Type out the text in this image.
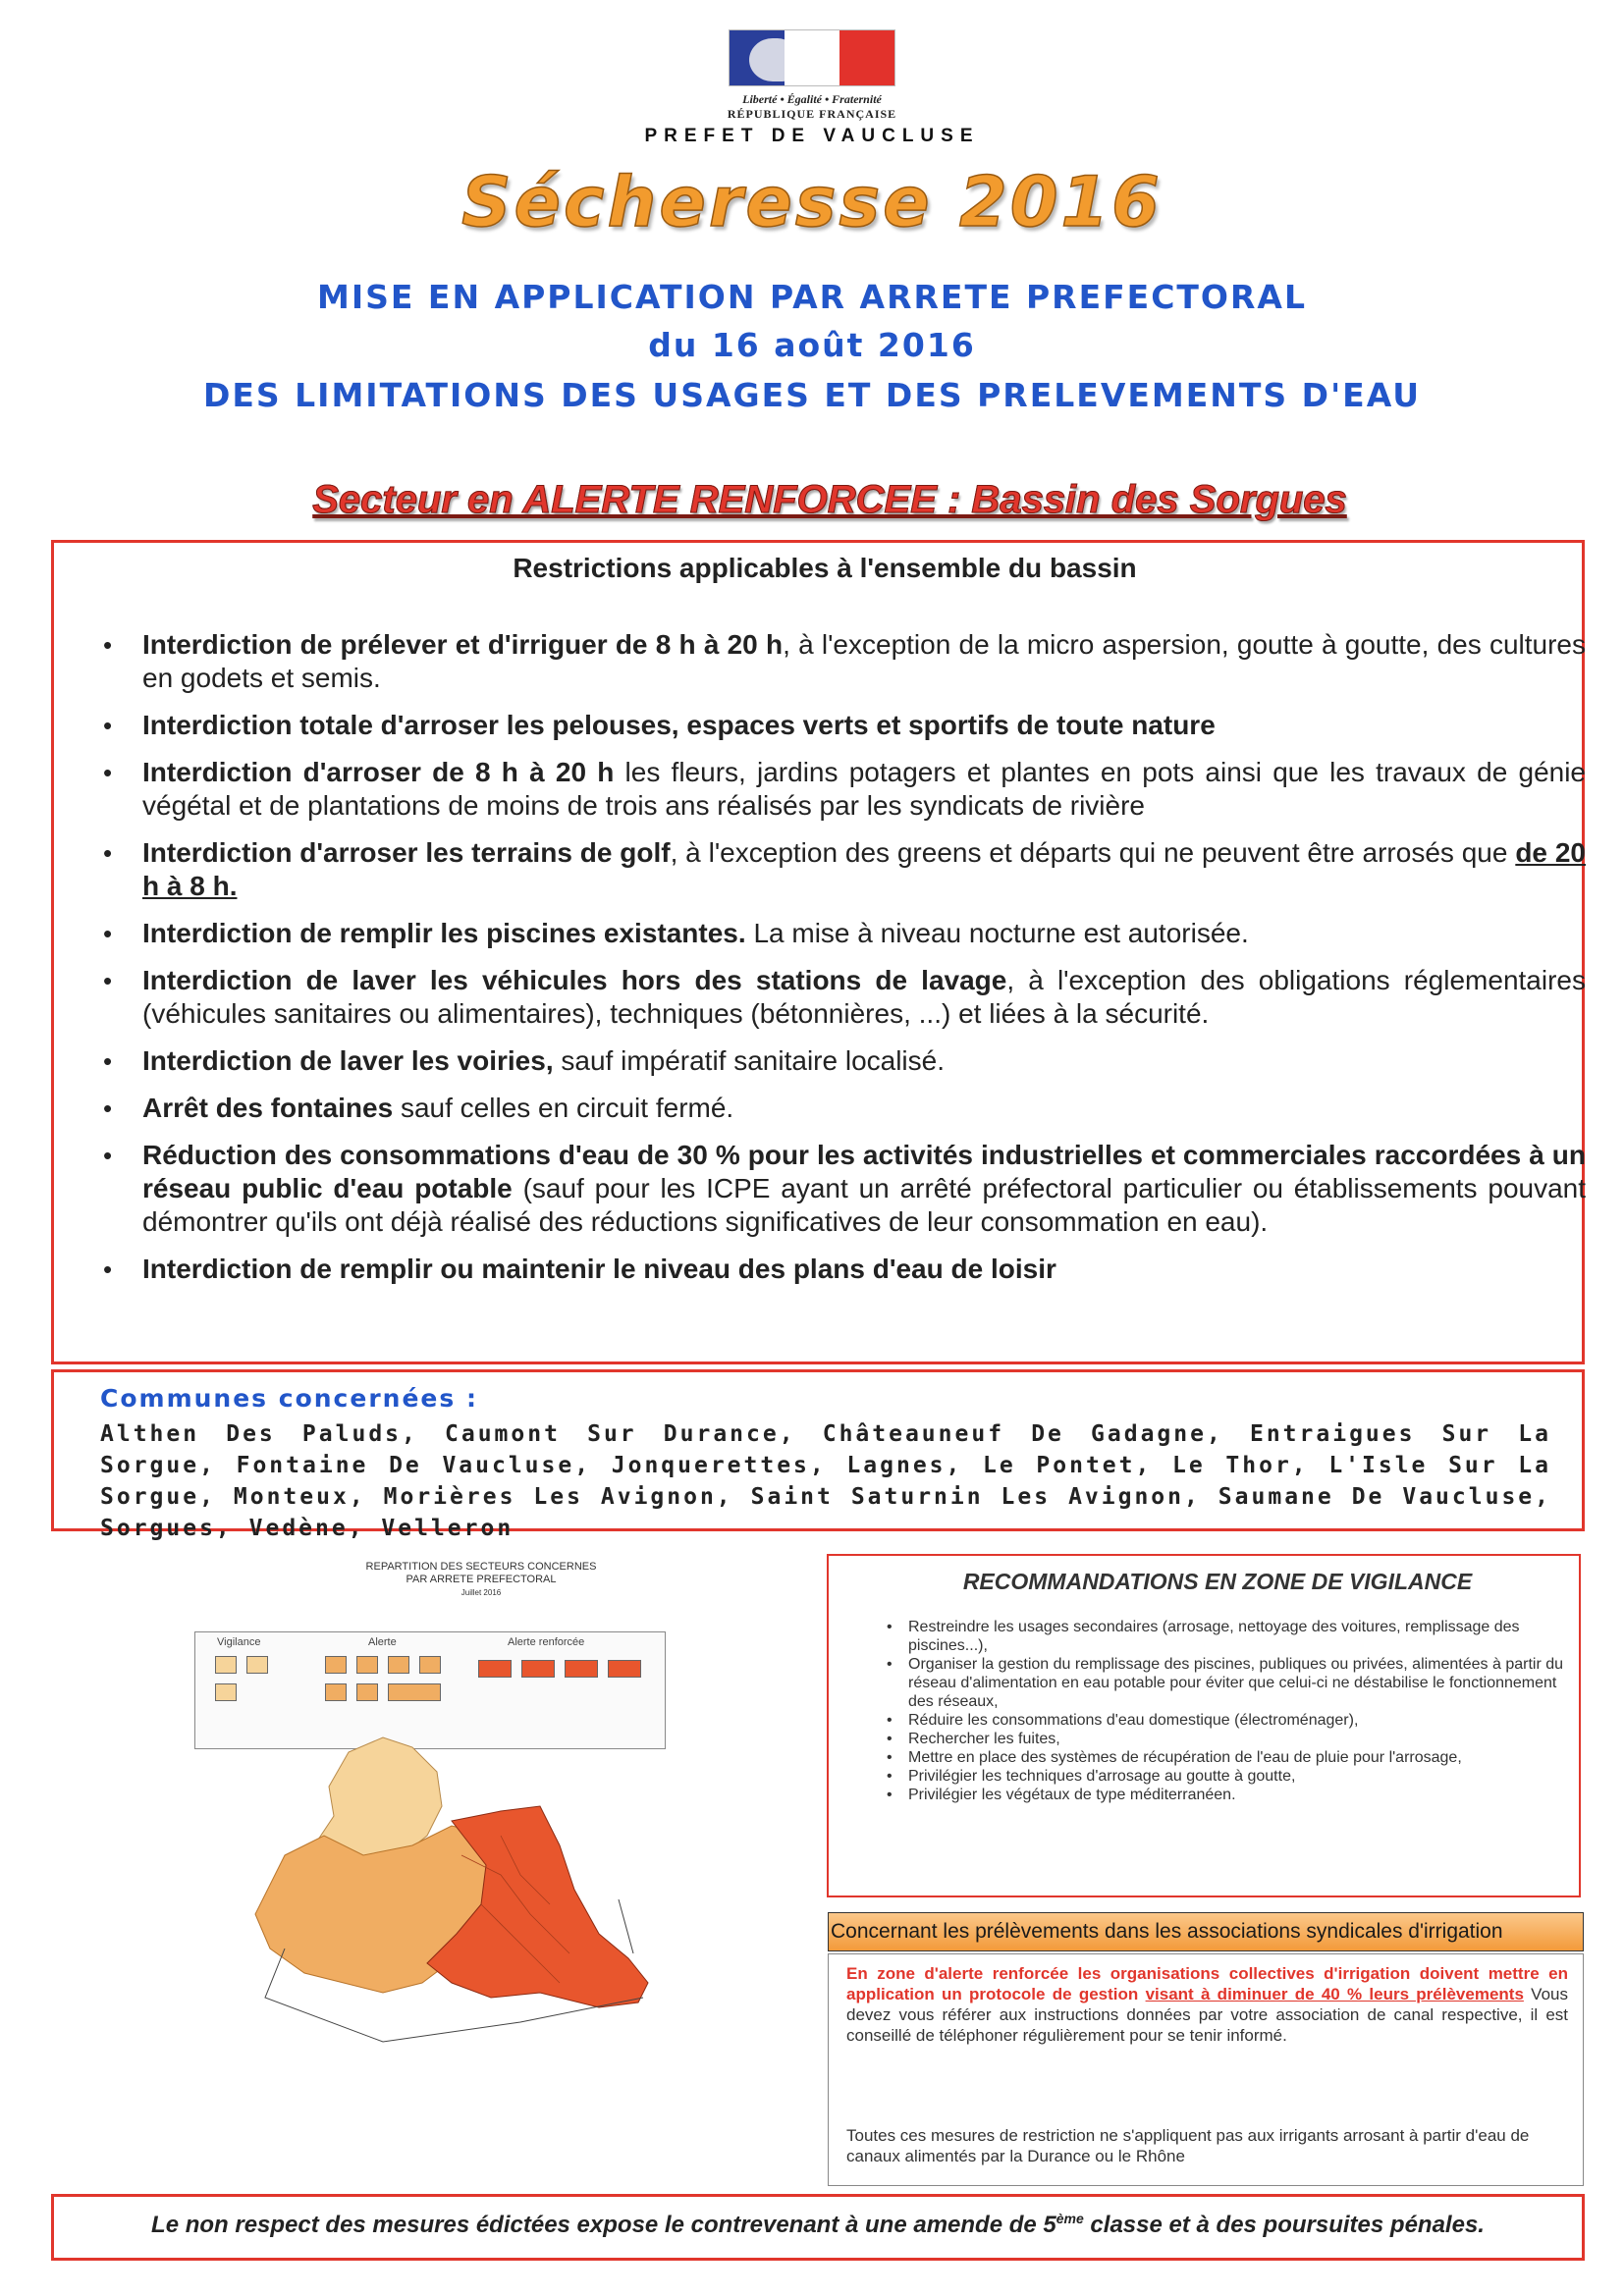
Liberté • Égalité • Fraternité
RÉPUBLIQUE FRANÇAISE
PREFET DE VAUCLUSE
Sécheresse 2016
MISE EN APPLICATION PAR ARRETE PREFECTORAL
du 16 août 2016
DES LIMITATIONS DES USAGES ET DES PRELEVEMENTS D'EAU
Secteur en ALERTE RENFORCEE : Bassin des Sorgues
Restrictions applicables à l'ensemble du bassin
• Interdiction de prélever et d'irriguer de 8 h à 20 h, à l'exception de la micro aspersion, goutte à goutte, des cultures en godets et semis.
• Interdiction totale d'arroser les pelouses, espaces verts et sportifs de toute nature
• Interdiction d'arroser de 8 h à 20 h les fleurs, jardins potagers et plantes en pots ainsi que les travaux de génie végétal et de plantations de moins de trois ans réalisés par les syndicats de rivière
• Interdiction d'arroser les terrains de golf, à l'exception des greens et départs qui ne peuvent être arrosés que de 20 h à 8 h.
• Interdiction de remplir les piscines existantes. La mise à niveau nocturne est autorisée.
• Interdiction de laver les véhicules hors des stations de lavage, à l'exception des obligations réglementaires (véhicules sanitaires ou alimentaires), techniques (bétonnières, ...) et liées à la sécurité.
• Interdiction de laver les voiries, sauf impératif sanitaire localisé.
• Arrêt des fontaines sauf celles en circuit fermé.
• Réduction des consommations d'eau de 30 % pour les activités industrielles et commerciales raccordées à un réseau public d'eau potable (sauf pour les ICPE ayant un arrêté préfectoral particulier ou établissements pouvant démontrer qu'ils ont déjà réalisé des réductions significatives de leur consommation en eau).
• Interdiction de remplir ou maintenir le niveau des plans d'eau de loisir
Communes concernées :
Althen Des Paluds, Caumont Sur Durance, Châteauneuf De Gadagne, Entraigues Sur La Sorgue, Fontaine De Vaucluse, Jonquerettes, Lagnes, Le Pontet, Le Thor, L'Isle Sur La Sorgue, Monteux, Morières Les Avignon, Saint Saturnin Les Avignon, Saumane De Vaucluse, Sorgues, Vedène, Velleron
REPARTITION DES SECTEURS CONCERNES
PAR ARRETE PREFECTORAL
Juillet 2016
Vigilance	Alerte	Alerte renforcée
RECOMMANDATIONS EN ZONE DE VIGILANCE
• Restreindre les usages secondaires (arrosage, nettoyage des voitures, remplissage des piscines...),
• Organiser la gestion du remplissage des piscines, publiques ou privées, alimentées à partir du réseau d'alimentation en eau potable pour éviter que celui-ci ne déstabilise le fonctionnement des réseaux,
• Réduire les consommations d'eau domestique (électroménager),
• Rechercher les fuites,
• Mettre en place des systèmes de récupération de l'eau de pluie pour l'arrosage,
• Privilégier les techniques d'arrosage au goutte à goutte,
• Privilégier les végétaux de type méditerranéen.
Concernant les prélèvements dans les associations syndicales d'irrigation
En zone d'alerte renforcée les organisations collectives d'irrigation doivent mettre en application un protocole de gestion visant à diminuer de 40 % leurs prélèvements Vous devez vous référer aux instructions données par votre association de canal respective, il est conseillé de téléphoner régulièrement pour se tenir informé.
Toutes ces mesures de restriction ne s'appliquent pas aux irrigants arrosant à partir d'eau de canaux alimentés par la Durance ou le Rhône
Le non respect des mesures édictées expose le contrevenant à une amende de 5ème classe et à des poursuites pénales.
